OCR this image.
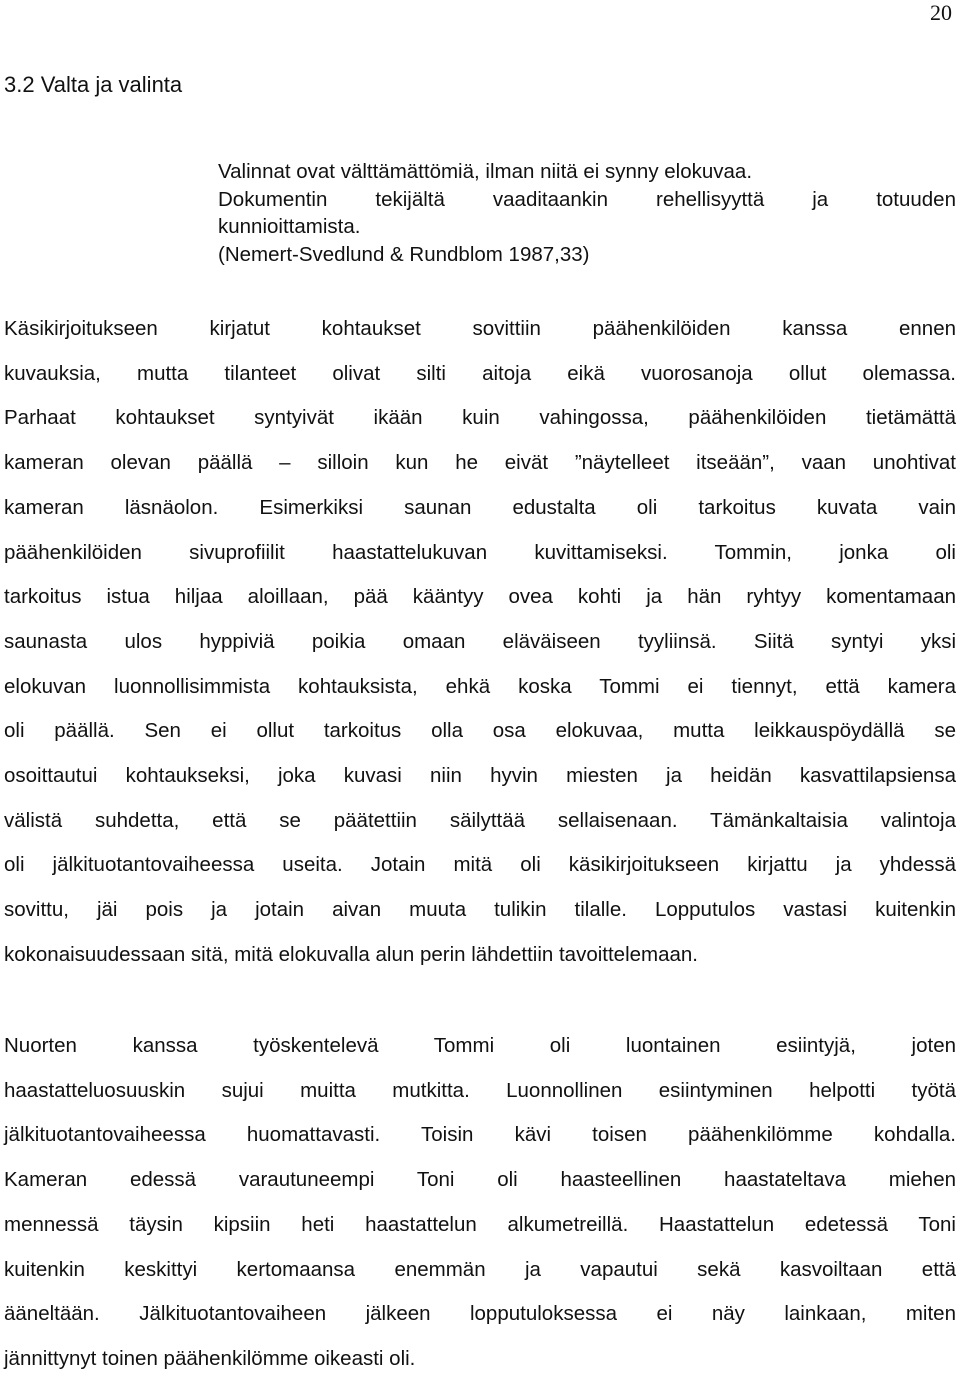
20
3.2 Valta ja valinta
Valinnat ovat välttämättömiä, ilman niitä ei synny elokuvaa.
Dokumentin tekijältä vaaditaankin rehellisyyttä ja totuuden
kunnioittamista.
(Nemert-Svedlund & Rundblom 1987,33)
Käsikirjoitukseen kirjatut kohtaukset sovittiin päähenkilöiden kanssa ennen
kuvauksia, mutta tilanteet olivat silti aitoja eikä vuorosanoja ollut olemassa.
Parhaat kohtaukset syntyivät ikään kuin vahingossa, päähenkilöiden tietämättä
kameran olevan päällä – silloin kun he eivät ”näytelleet itseään”, vaan unohtivat
kameran läsnäolon. Esimerkiksi saunan edustalta oli tarkoitus kuvata vain
päähenkilöiden sivuprofiilit haastattelukuvan kuvittamiseksi. Tommin, jonka oli
tarkoitus istua hiljaa aloillaan, pää kääntyy ovea kohti ja hän ryhtyy komentamaan
saunasta ulos hyppiviä poikia omaan eläväiseen tyyliinsä. Siitä syntyi yksi
elokuvan luonnollisimmista kohtauksista, ehkä koska Tommi ei tiennyt, että kamera
oli päällä. Sen ei ollut tarkoitus olla osa elokuvaa, mutta leikkauspöydällä se
osoittautui kohtaukseksi, joka kuvasi niin hyvin miesten ja heidän kasvattilapsiensa
välistä suhdetta, että se päätettiin säilyttää sellaisenaan. Tämänkaltaisia valintoja
oli jälkituotantovaiheessa useita. Jotain mitä oli käsikirjoitukseen kirjattu ja yhdessä
sovittu, jäi pois ja jotain aivan muuta tulikin tilalle. Lopputulos vastasi kuitenkin
kokonaisuudessaan sitä, mitä elokuvalla alun perin lähdettiin tavoittelemaan.
Nuorten kanssa työskentelevä Tommi oli luontainen esiintyjä, joten
haastatteluosuuskin sujui muitta mutkitta. Luonnollinen esiintyminen helpotti työtä
jälkituotantovaiheessa huomattavasti. Toisin kävi toisen päähenkilömme kohdalla.
Kameran edessä varautuneempi Toni oli haasteellinen haastateltava miehen
mennessä täysin kipsiin heti haastattelun alkumetreillä. Haastattelun edetessä Toni
kuitenkin keskittyi kertomaansa enemmän ja vapautui sekä kasvoiltaan että
ääneltään. Jälkituotantovaiheen jälkeen lopputuloksessa ei näy lainkaan, miten
jännittynyt toinen päähenkilömme oikeasti oli.
